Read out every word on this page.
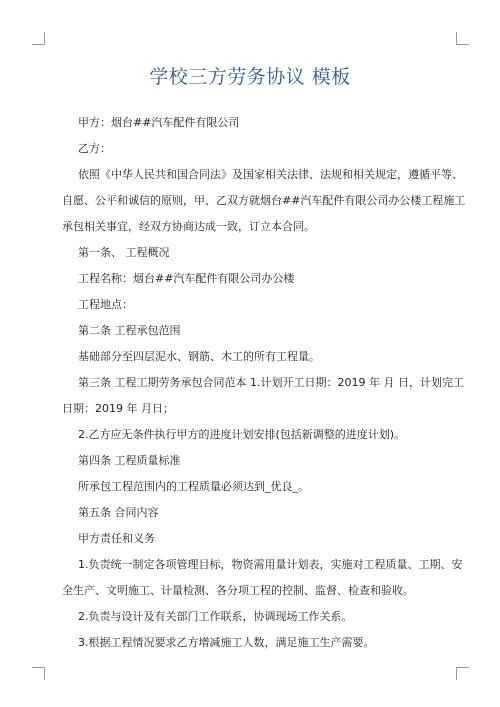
学校三方劳务协议 模板
甲方：烟台##汽车配件有限公司
乙方：
依照《中华人民共和国合同法》及国家相关法律、法规和相关规定，遵循平等、
自愿、公平和诚信的原则，甲、乙双方就烟台##汽车配件有限公司办公楼工程施工
承包相关事宜，经双方协商达成一致，订立本合同。
第一条、 工程概况
工程名称：烟台##汽车配件有限公司办公楼
工程地点：
第二条 工程承包范围
基础部分至四层泥水、钢筋、木工的所有工程量。
第三条 工程工期劳务承包合同范本 1.计划开工日期：2019 年 月 日，计划完工
日期：2019 年 月日；
2.乙方应无条件执行甲方的进度计划安排(包括新调整的进度计划)。
第四条 工程质量标准
所承包工程范围内的工程质量必须达到_优良_。
第五条 合同内容
甲方责任和义务
1.负责统一制定各项管理目标，物资需用量计划表，实施对工程质量、工期、安
全生产、文明施工、计量检测、各分项工程的控制、监督、检查和验收。
2.负责与设计及有关部门工作联系，协调现场工作关系。
3.根据工程情况要求乙方增减施工人数，满足施工生产需要。
